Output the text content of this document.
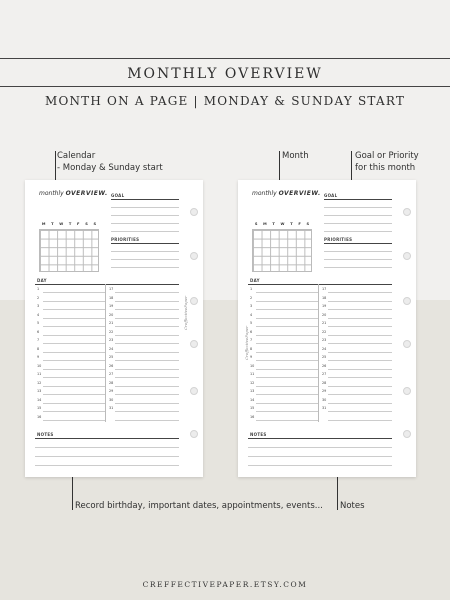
MONTHLY OVERVIEW
MONTH ON A PAGE | MONDAY & SUNDAY START
Calendar
- Monday & Sunday start
Month	Goal or Priority
for this month
Record birthday, important dates, appointments, events... Notes
monthly OVERVIEW. GOAL
PRIORITIES
DAY
NOTES
M T W T F S S
CreffectivePaper
1
2
3
4
5
6
7
8
9
10
11
12
13
14
15
16
17
18
19
20
21
22
23
24
25
26
27
28
29
30
31
monthly OVERVIEW. GOAL
PRIORITIES
DAY
NOTES
S M T W T F S
CreffectivePaper
1
2
3
4
5
6
7
8
9
10
11
12
13
14
15
16
17
18
19
20
21
22
23
24
25
26
27
28
29
30
31
CREFFECTIVEPAPER.ETSY.COM
